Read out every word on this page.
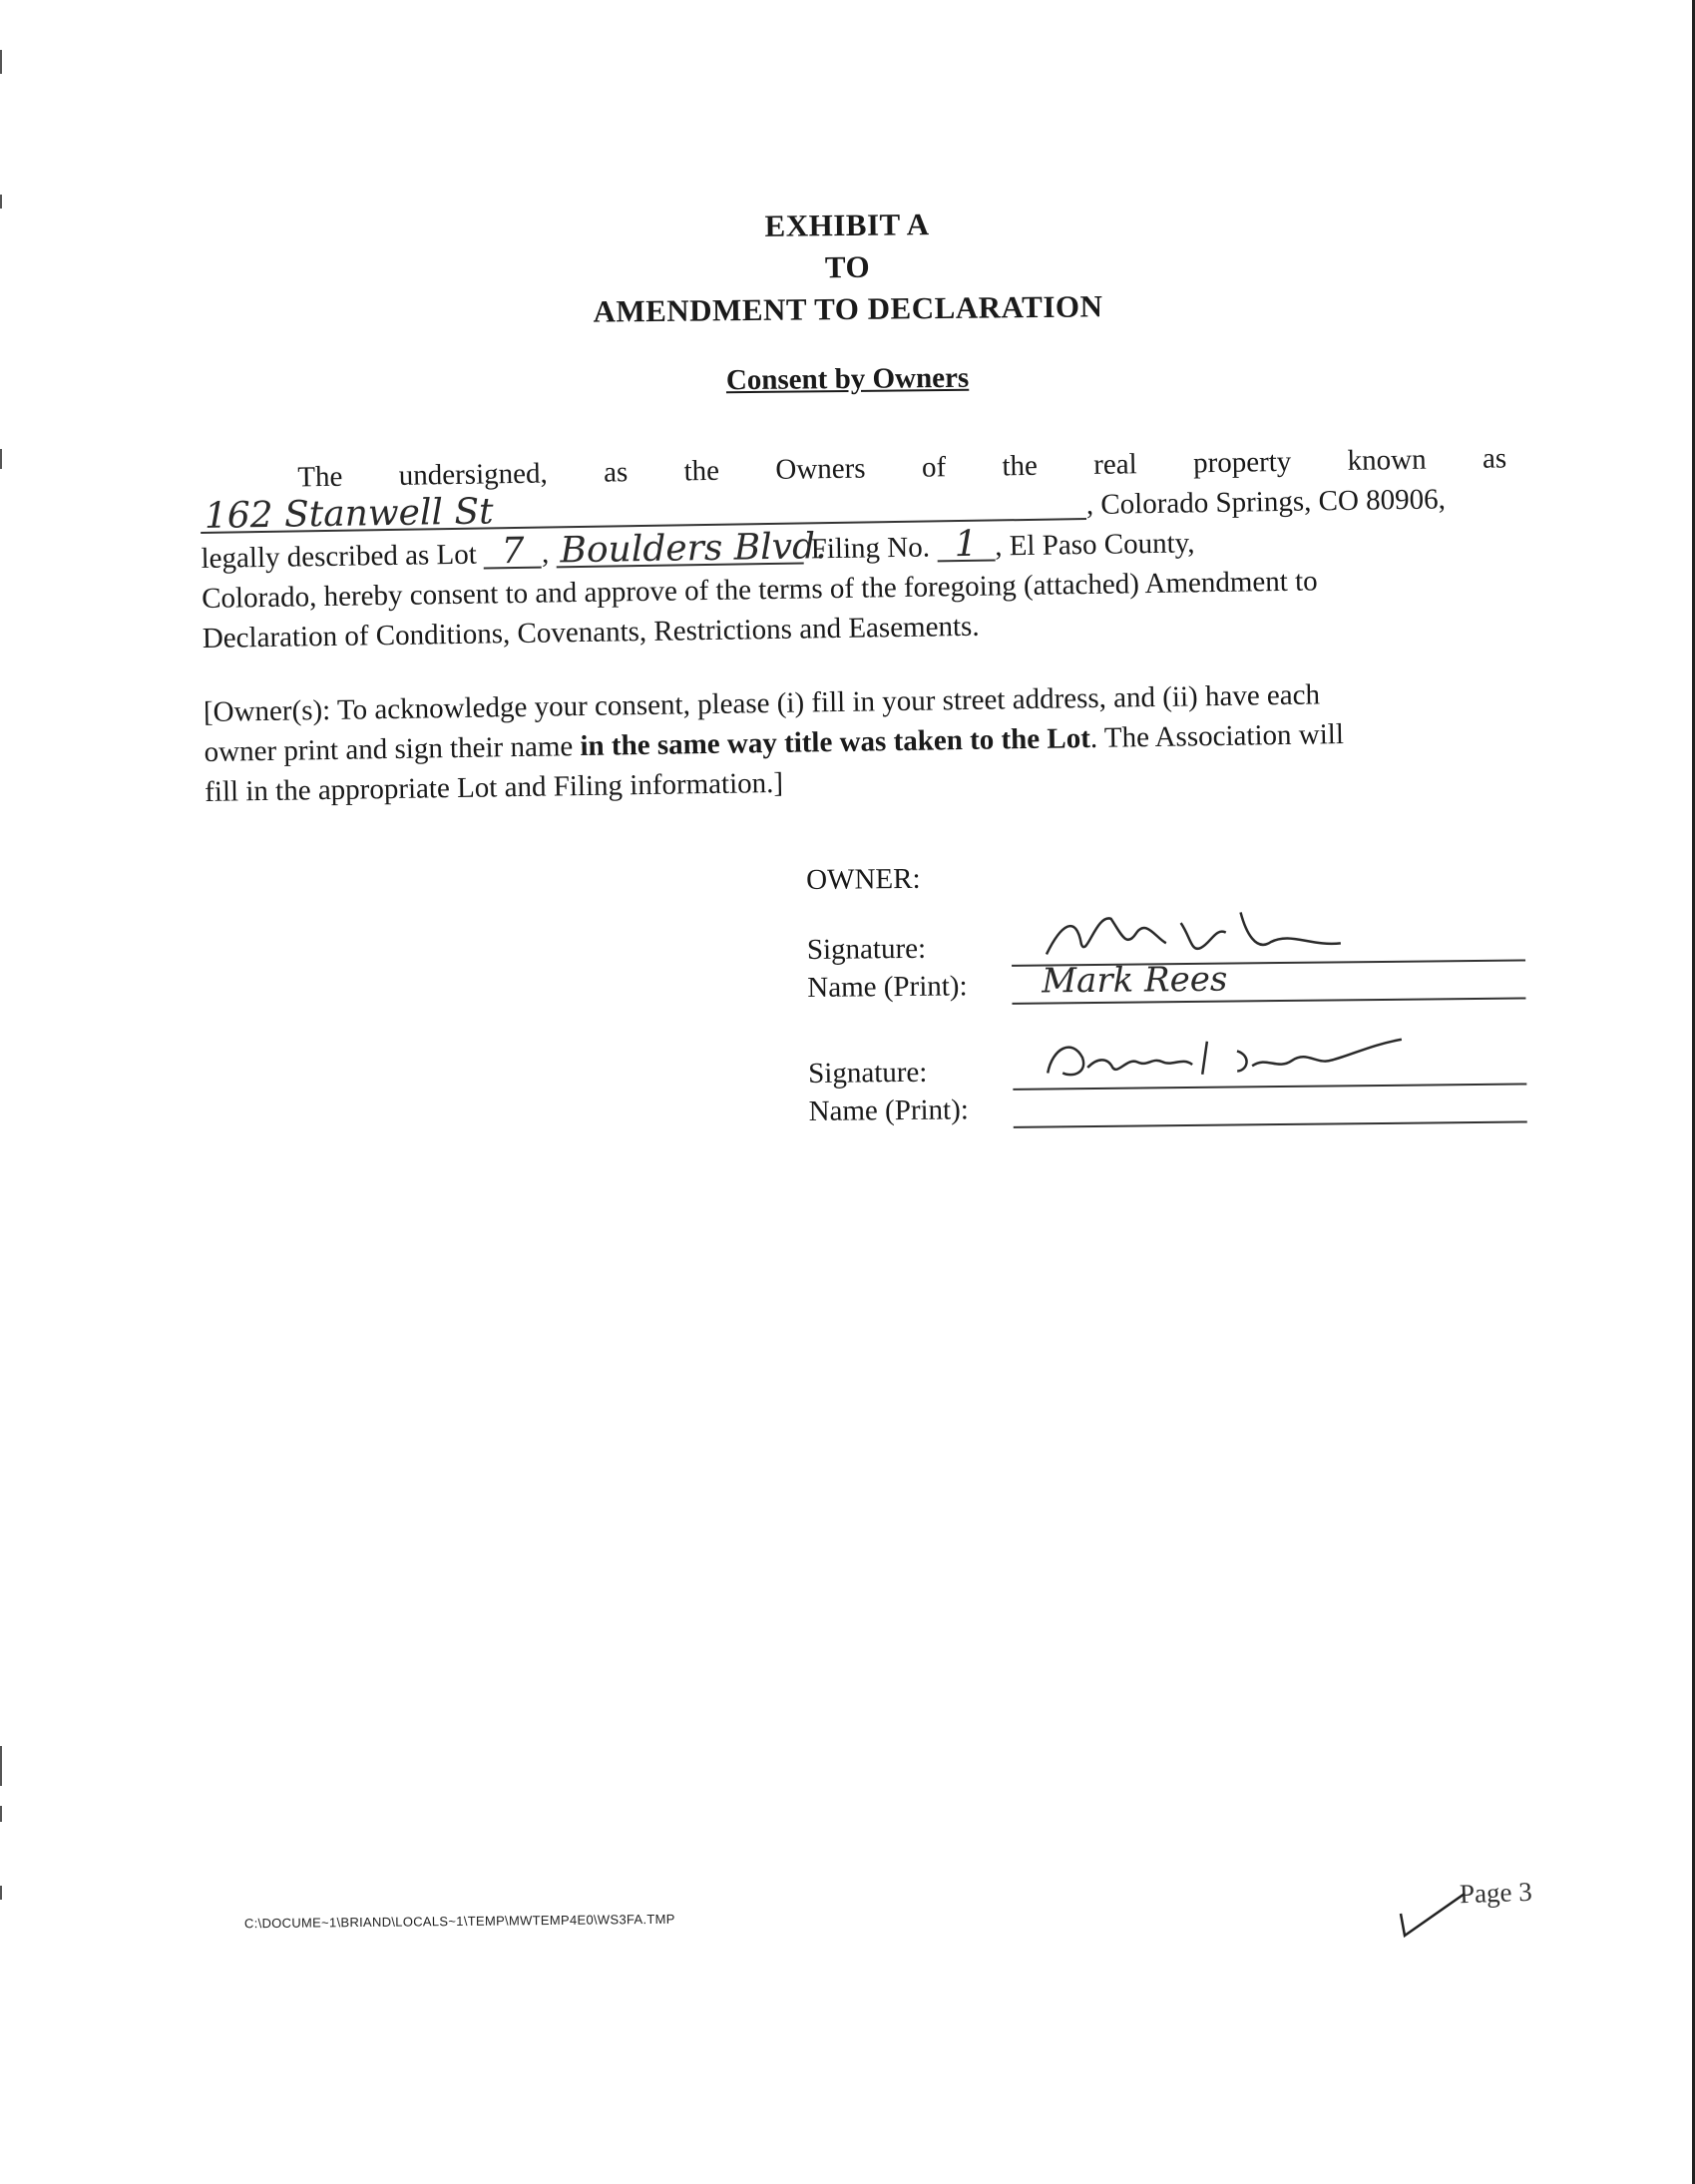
EXHIBIT A
TO
AMENDMENT TO DECLARATION
Consent by Owners
The undersigned, as the Owners of the real property known as
162 Stanwell St	, Colorado Springs, CO 80906,
legally described as Lot 7 , Boulders Blvd. Filing No. 1 , El Paso County,
Colorado, hereby consent to and approve of the terms of the foregoing (attached) Amendment to
Declaration of Conditions, Covenants, Restrictions and Easements.
[Owner(s): To acknowledge your consent, please (i) fill in your street address, and (ii) have each
owner print and sign their name in the same way title was taken to the Lot. The Association will
fill in the appropriate Lot and Filing information.]
OWNER:
Signature:
Name (Print):	Mark Rees
Signature:
Name (Print):
C:\DOCUME~1\BRIAND\LOCALS~1\TEMP\MWTEMP4E0\WS3FA.TMP
Page 3
